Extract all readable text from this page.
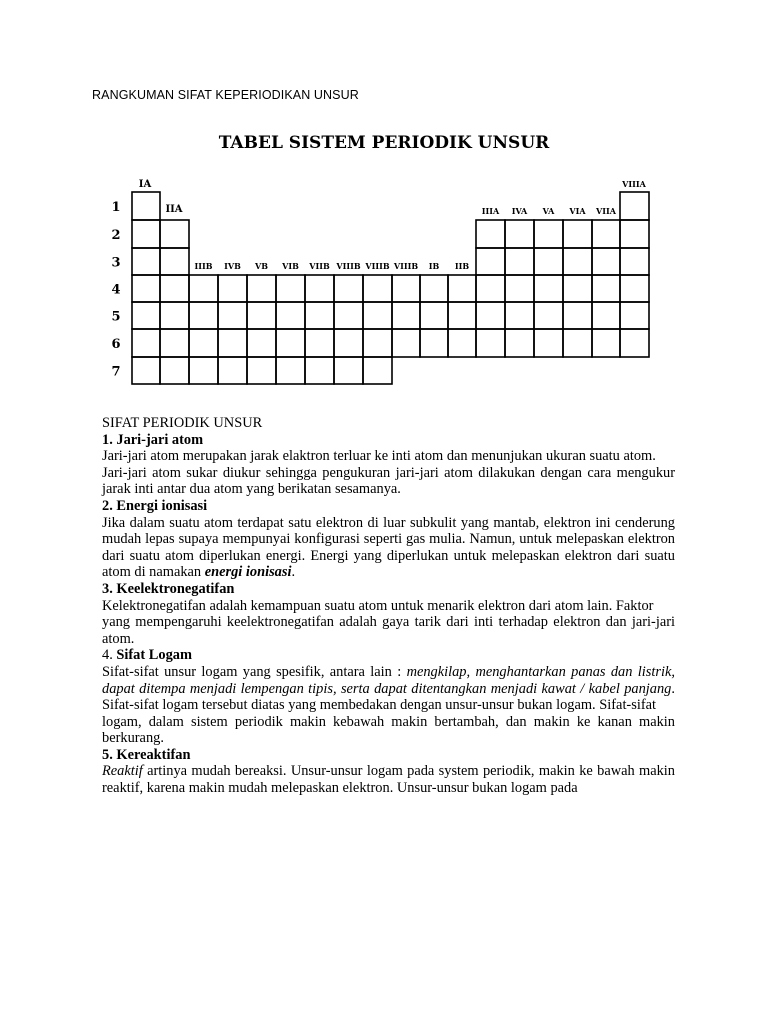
RANGKUMAN SIFAT KEPERIODIKAN UNSUR
TABEL SISTEM PERIODIK UNSUR
1
2
3
4
5
6
7
IA
IIA
IIIB IVB VB VIB VIIB VIIIB VIIIB VIIIB IB IIB
IIIA IVA VA VIA VIIA
VIIIA

SIFAT PERIODIK UNSUR

1. Jari-jari atom

Jari-jari atom merupakan jarak elaktron terluar ke inti atom dan menunjukan ukuran suatu atom.

Jari-jari atom sukar diukur sehingga pengukuran jari-jari atom dilakukan dengan cara mengukur jarak inti antar dua atom yang berikatan sesamanya.

2. Energi ionisasi

Jika dalam suatu atom terdapat satu elektron di luar subkulit yang mantab, elektron ini cenderung mudah lepas supaya mempunyai konfigurasi seperti gas mulia. Namun, untuk melepaskan elektron dari suatu atom diperlukan energi. Energi yang diperlukan untuk melepaskan elektron dari suatu atom di namakan energi ionisasi.

3. Keelektronegatifan

Kelektronegatifan adalah kemampuan suatu atom untuk menarik elektron dari atom lain. Faktor

yang mempengaruhi keelektronegatifan adalah gaya tarik dari inti terhadap elektron dan jari-jari atom.

4. Sifat Logam

Sifat-sifat unsur logam yang spesifik, antara lain : mengkilap, menghantarkan panas dan listrik, dapat ditempa menjadi lempengan tipis, serta dapat ditentangkan menjadi kawat / kabel panjang. Sifat-sifat logam tersebut diatas yang membedakan dengan unsur-unsur bukan logam. Sifat-sifat

logam, dalam sistem periodik makin kebawah makin bertambah, dan makin ke kanan makin berkurang.

5. Kereaktifan

Reaktif artinya mudah bereaksi. Unsur-unsur logam pada system periodik, makin ke bawah makin reaktif, karena makin mudah melepaskan elektron. Unsur-unsur bukan logam pada
